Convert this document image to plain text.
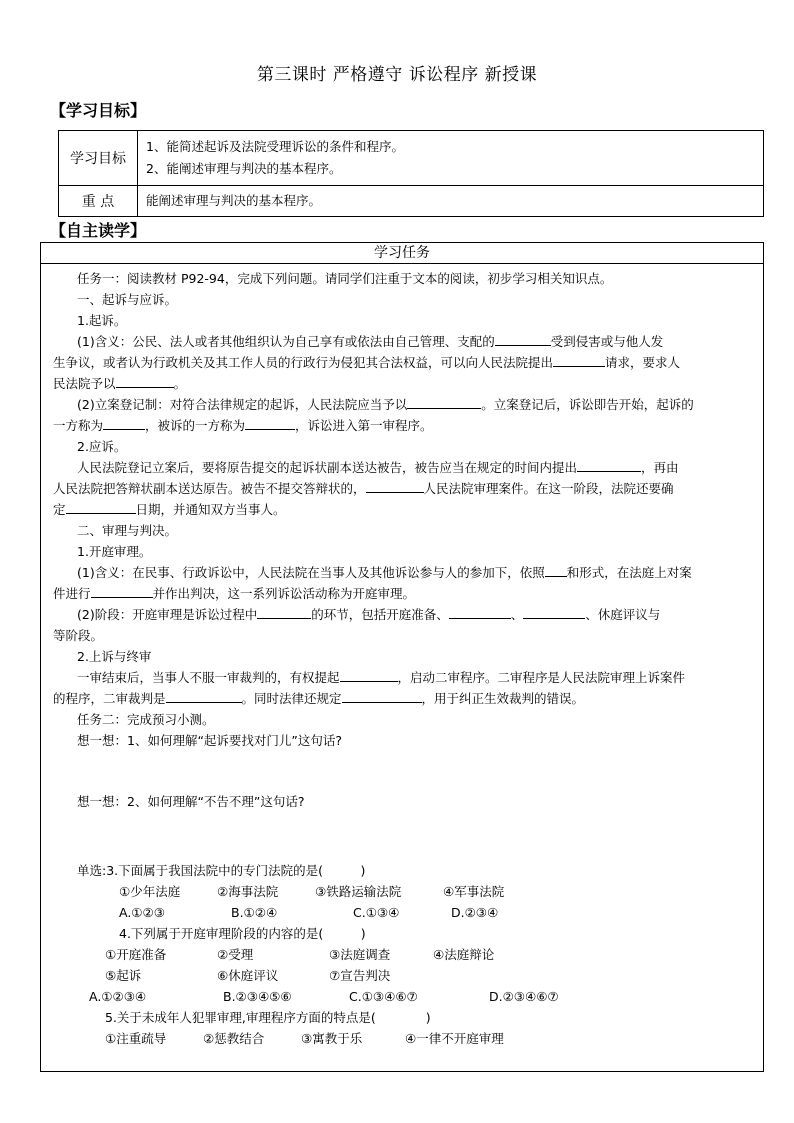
第三课时 严格遵守 诉讼程序 新授课
【学习目标】
学习目标	1、能简述起诉及法院受理诉讼的条件和程序。
2、能阐述审理与判决的基本程序。

重 点	能阐述审理与判决的基本程序。
【自主读学】
学习任务

任务一：阅读教材 P92-94，完成下列问题。请同学们注重于文本的阅读，初步学习相关知识点。

一、起诉与应诉。

1.起诉。

(1)含义：公民、法人或者其他组织认为自己享有或依法由自己管理、支配的	受到侵害或与他人发

生争议，或者认为行政机关及其工作人员的行政行为侵犯其合法权益，可以向人民法院提出	请求，要求人

民法院予以	。

(2)立案登记制：对符合法律规定的起诉，人民法院应当予以	。立案登记后，诉讼即告开始，起诉的

一方称为	，被诉的一方称为	，诉讼进入第一审程序。

2.应诉。

人民法院登记立案后，要将原告提交的起诉状副本送达被告，被告应当在规定的时间内提出	，再由

人民法院把答辩状副本送达原告。被告不提交答辩状的，	人民法院审理案件。在这一阶段，法院还要确

定	日期，并通知双方当事人。

二、审理与判决。

1.开庭审理。

(1)含义：在民事、行政诉讼中，人民法院在当事人及其他诉讼参与人的参加下，依照 和形式，在法庭上对案

件进行	并作出判决，这一系列诉讼活动称为开庭审理。

(2)阶段：开庭审理是诉讼过程中	的环节，包括开庭准备、	、	、休庭评议与

等阶段。

2.上诉与终审

一审结束后，当事人不服一审裁判的，有权提起	，启动二审程序。二审程序是人民法院审理上诉案件

的程序，二审裁判是	。同时法律还规定	，用于纠正生效裁判的错误。

任务二：完成预习小测。

想一想：1、如何理解“起诉要找对门儿”这句话?

想一想：2、如何理解“不告不理”这句话?

单选:3.下面属于我国法院中的专门法院的是(　　　)

①少年法庭	②海事法院	③铁路运输法院	④军事法院

A.①②③	B.①②④	C.①③④	D.②③④

4.下列属于开庭审理阶段的内容的是(　　　)

①开庭准备	②受理	③法庭调查	④法庭辩论

⑤起诉	⑥休庭评议	⑦宣告判决

A.①②③④	B.②③④⑤⑥	C.①③④⑥⑦	D.②③④⑥⑦

5.关于未成年人犯罪审理,审理程序方面的特点是(　　　　)

①注重疏导	②惩教结合	③寓教于乐	④一律不开庭审理
